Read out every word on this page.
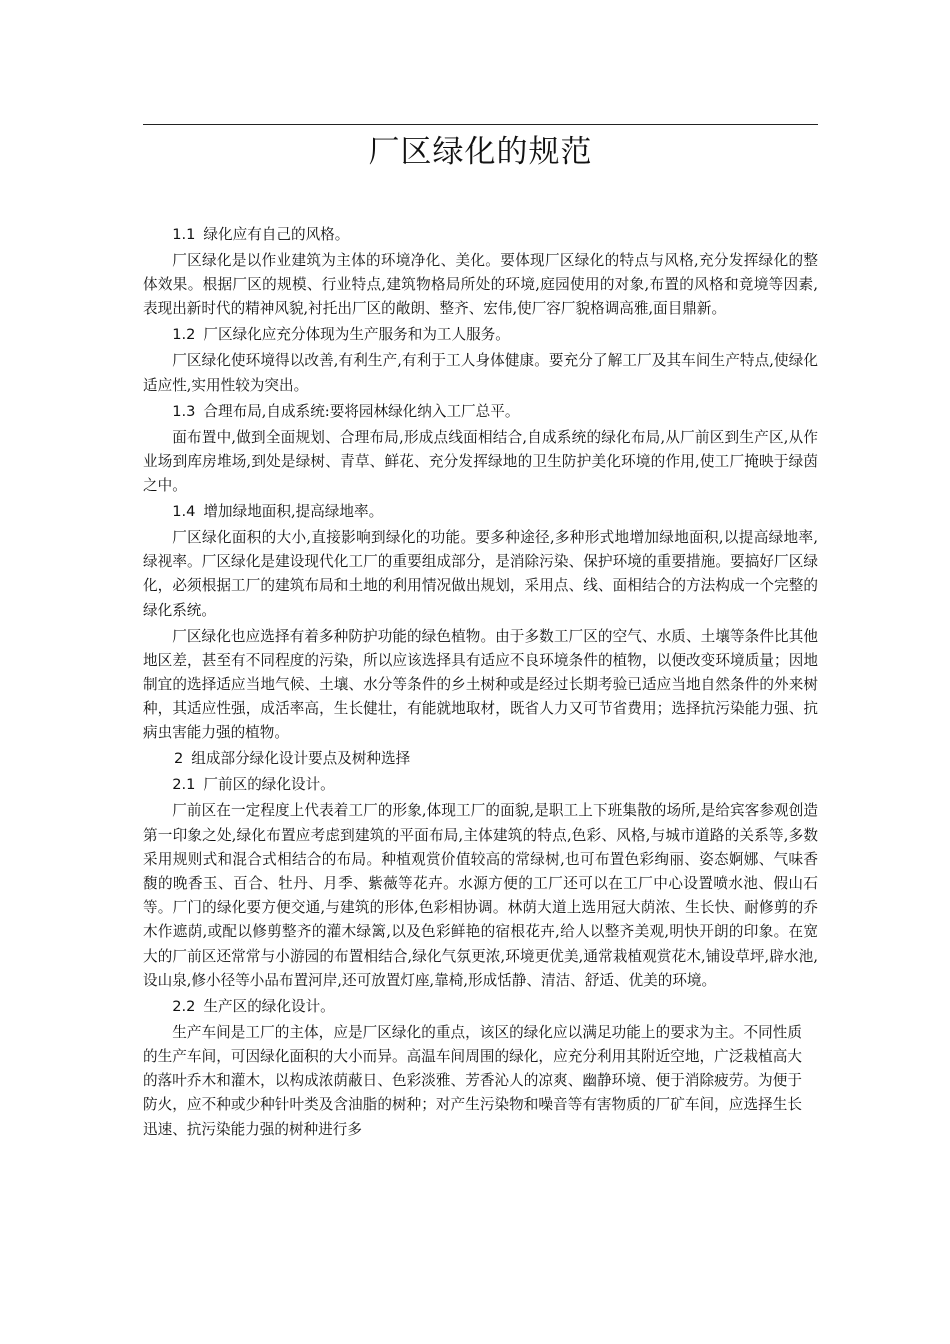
厂区绿化的规范

1.1 绿化应有自己的风格。

厂区绿化是以作业建筑为主体的环境净化、美化。要体现厂区绿化的特点与风格,充分发挥绿化的整体效果。根据厂区的规模、行业特点,建筑物格局所处的环境,庭园使用的对象,布置的风格和竟境等因素,表现出新时代的精神风貌,衬托出厂区的敞朗、整齐、宏伟,使厂容厂貌格调高雅,面目鼎新。

1.2 厂区绿化应充分体现为生产服务和为工人服务。

厂区绿化使环境得以改善,有利生产,有利于工人身体健康。要充分了解工厂及其车间生产特点,使绿化适应性,实用性较为突出。

1.3 合理布局,自成系统:要将园林绿化纳入工厂总平。

面布置中,做到全面规划、合理布局,形成点线面相结合,自成系统的绿化布局,从厂前区到生产区,从作业场到库房堆场,到处是绿树、青草、鲜花、充分发挥绿地的卫生防护美化环境的作用,使工厂掩映于绿茵之中。

1.4 增加绿地面积,提高绿地率。

厂区绿化面积的大小,直接影响到绿化的功能。要多种途径,多种形式地增加绿地面积,以提高绿地率,绿视率。厂区绿化是建设现代化工厂的重要组成部分，是消除污染、保护环境的重要措施。要搞好厂区绿化，必须根据工厂的建筑布局和土地的利用情况做出规划，采用点、线、面相结合的方法构成一个完整的绿化系统。

厂区绿化也应选择有着多种防护功能的绿色植物。由于多数工厂区的空气、水质、土壤等条件比其他地区差，甚至有不同程度的污染，所以应该选择具有适应不良环境条件的植物，以便改变环境质量；因地制宜的选择适应当地气候、土壤、水分等条件的乡土树种或是经过长期考验已适应当地自然条件的外来树种，其适应性强，成活率高，生长健壮，有能就地取材，既省人力又可节省费用；选择抗污染能力强、抗病虫害能力强的植物。

2 组成部分绿化设计要点及树种选择

2.1 厂前区的绿化设计。

厂前区在一定程度上代表着工厂的形象,体现工厂的面貌,是职工上下班集散的场所,是给宾客参观创造第一印象之处,绿化布置应考虑到建筑的平面布局,主体建筑的特点,色彩、风格,与城市道路的关系等,多数采用规则式和混合式相结合的布局。种植观赏价值较高的常绿树,也可布置色彩绚丽、姿态婀娜、气味香馥的晚香玉、百合、牡丹、月季、紫薇等花卉。水源方便的工厂还可以在工厂中心设置喷水池、假山石等。厂门的绿化要方便交通,与建筑的形体,色彩相协调。林荫大道上选用冠大荫浓、生长快、耐修剪的乔木作遮荫,或配以修剪整齐的灌木绿篱,以及色彩鲜艳的宿根花卉,给人以整齐美观,明快开朗的印象。在宽大的厂前区还常常与小游园的布置相结合,绿化气氛更浓,环境更优美,通常栽植观赏花木,铺设草坪,辟水池,设山泉,修小径等小品布置河岸,还可放置灯座,靠椅,形成恬静、清洁、舒适、优美的环境。

2.2 生产区的绿化设计。

生产车间是工厂的主体，应是厂区绿化的重点，该区的绿化应以满足功能上的要求为主。不同性质的生产车间，可因绿化面积的大小而异。高温车间周围的绿化，应充分利用其附近空地，广泛栽植高大的落叶乔木和灌木，以构成浓荫蔽日、色彩淡雅、芳香沁人的凉爽、幽静环境、便于消除疲劳。为便于防火，应不种或少种针叶类及含油脂的树种；对产生污染物和噪音等有害物质的厂矿车间，应选择生长迅速、抗污染能力强的树种进行多
